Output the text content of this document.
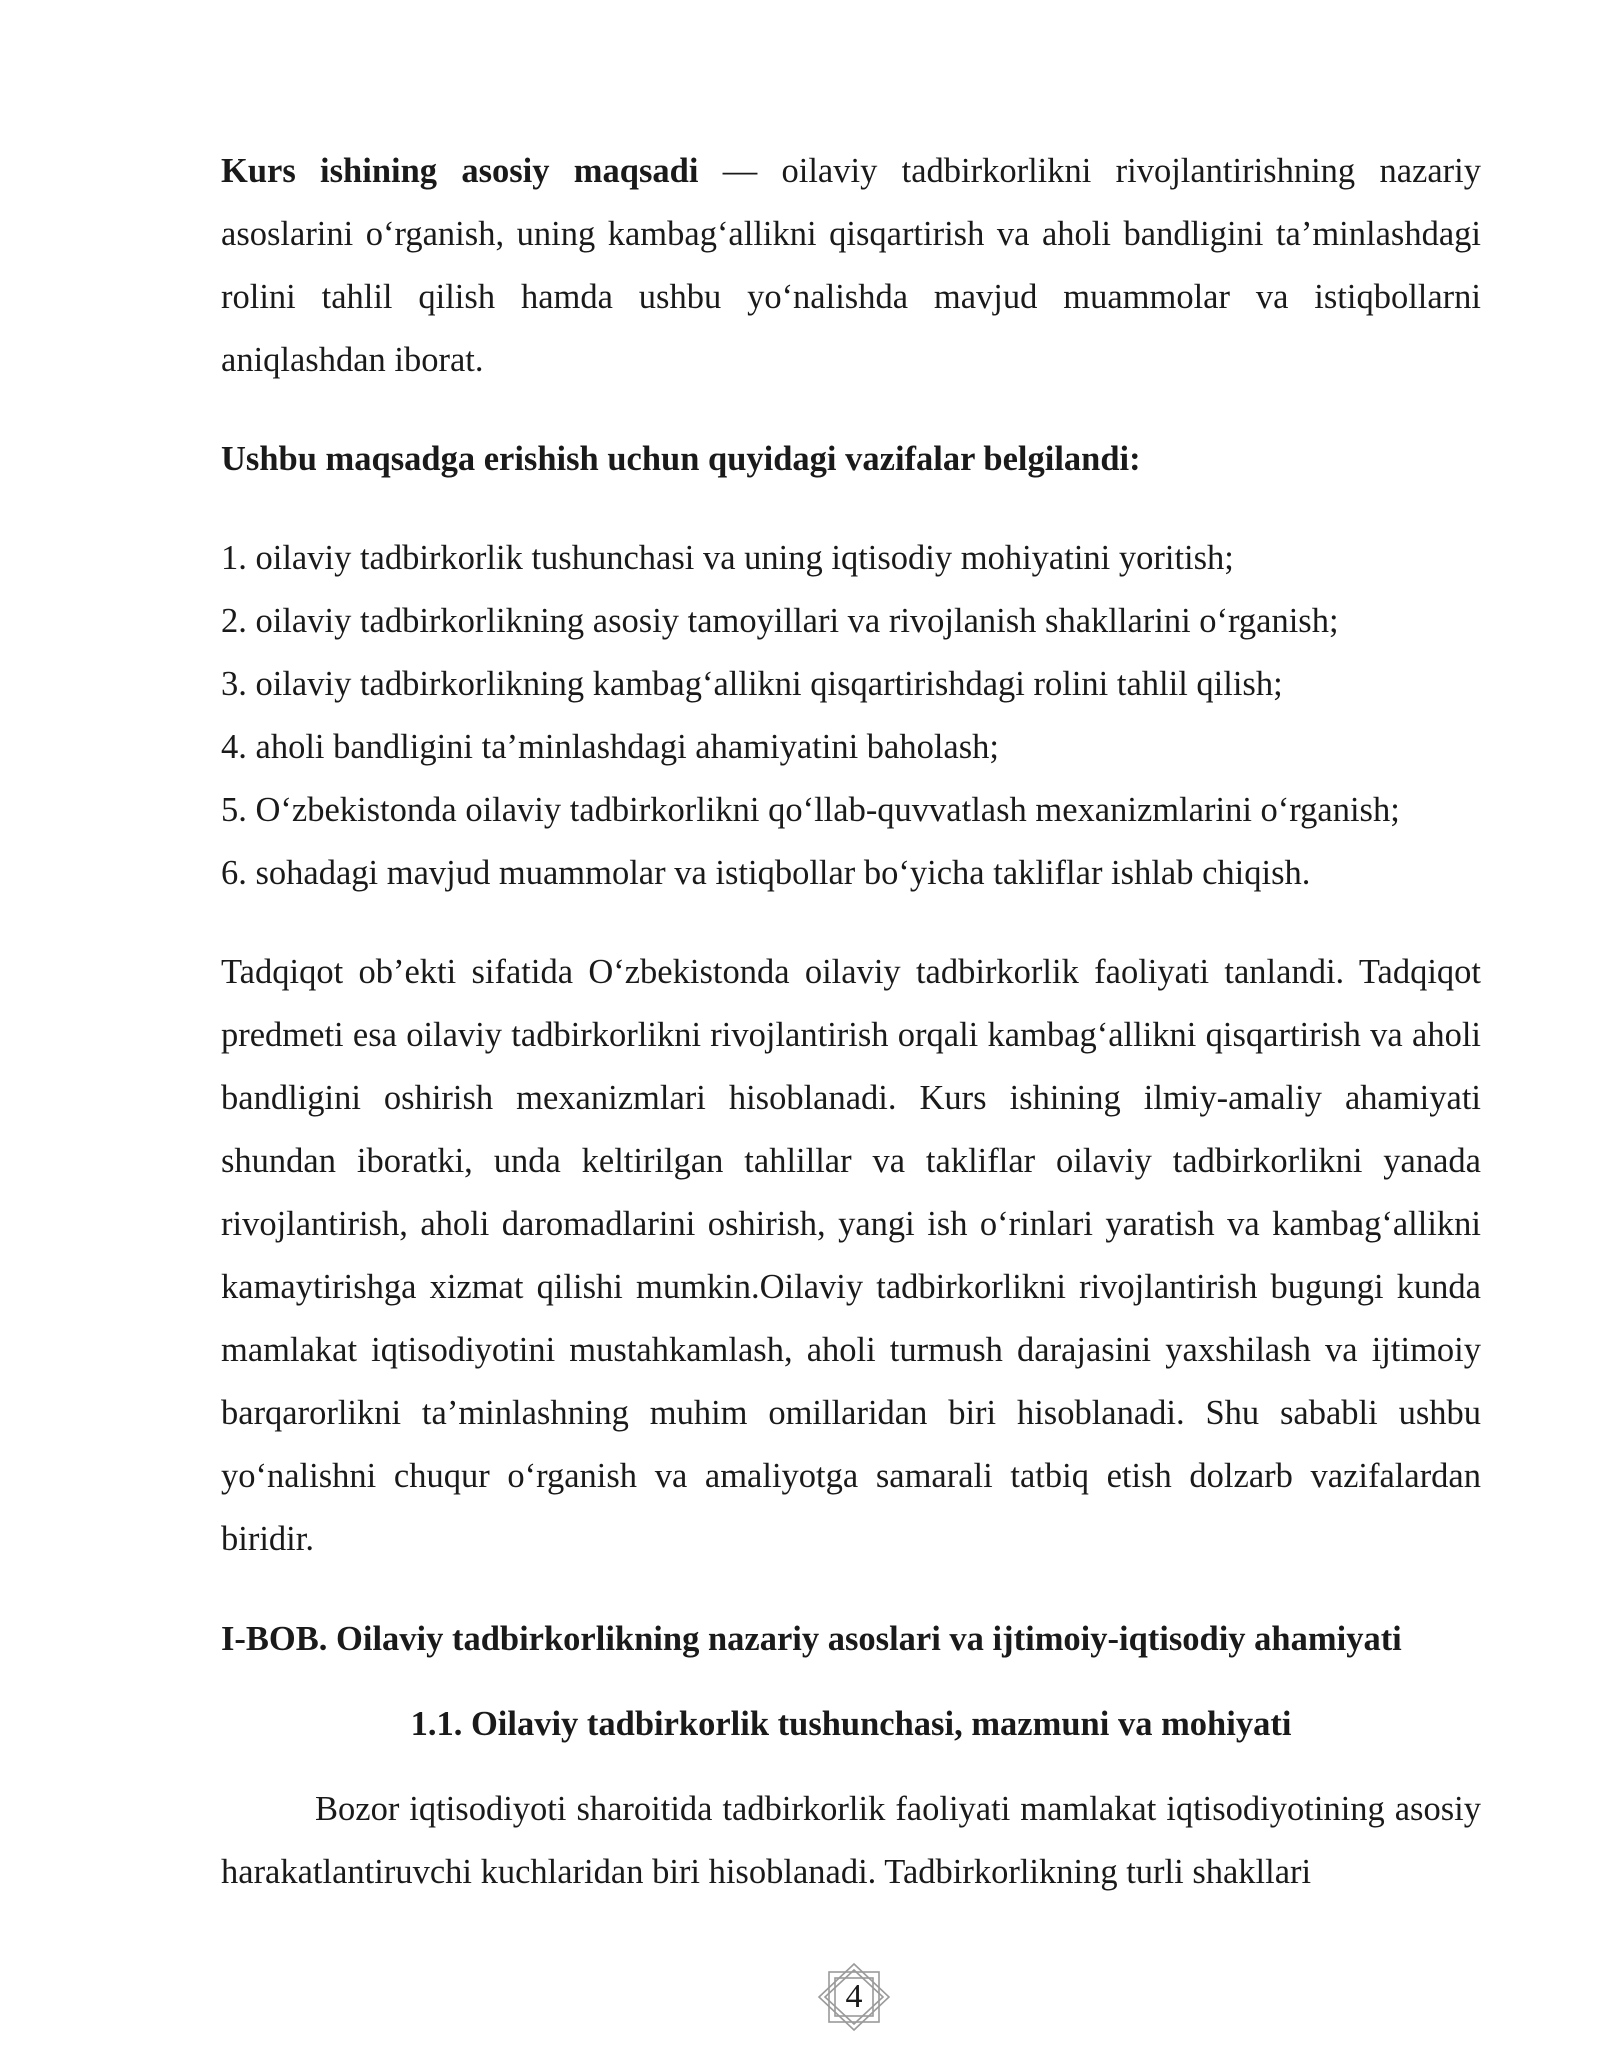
Kurs ishining asosiy maqsadi — oilaviy tadbirkorlikni rivojlantirishning nazariy asoslarini o‘rganish, uning kambag‘allikni qisqartirish va aholi bandligini ta’minlashdagi rolini tahlil qilish hamda ushbu yo‘nalishda mavjud muammolar va istiqbollarni aniqlashdan iborat.

Ushbu maqsadga erishish uchun quyidagi vazifalar belgilandi:

1. oilaviy tadbirkorlik tushunchasi va uning iqtisodiy mohiyatini yoritish;
2. oilaviy tadbirkorlikning asosiy tamoyillari va rivojlanish shakllarini o‘rganish;
3. oilaviy tadbirkorlikning kambag‘allikni qisqartirishdagi rolini tahlil qilish;
4. aholi bandligini ta’minlashdagi ahamiyatini baholash;
5. O‘zbekistonda oilaviy tadbirkorlikni qo‘llab-quvvatlash mexanizmlarini o‘rganish;
6. sohadagi mavjud muammolar va istiqbollar bo‘yicha takliflar ishlab chiqish.

Tadqiqot ob’ekti sifatida O‘zbekistonda oilaviy tadbirkorlik faoliyati tanlandi. Tadqiqot predmeti esa oilaviy tadbirkorlikni rivojlantirish orqali kambag‘allikni qisqartirish va aholi bandligini oshirish mexanizmlari hisoblanadi. Kurs ishining ilmiy-amaliy ahamiyati shundan iboratki, unda keltirilgan tahlillar va takliflar oilaviy tadbirkorlikni yanada rivojlantirish, aholi daromadlarini oshirish, yangi ish o‘rinlari yaratish va kambag‘allikni kamaytirishga xizmat qilishi mumkin.Oilaviy tadbirkorlikni rivojlantirish bugungi kunda mamlakat iqtisodiyotini mustahkamlash, aholi turmush darajasini yaxshilash va ijtimoiy barqarorlikni ta’minlashning muhim omillaridan biri hisoblanadi. Shu sababli ushbu yo‘nalishni chuqur o‘rganish va amaliyotga samarali tatbiq etish dolzarb vazifalardan biridir.

I-BOB. Oilaviy tadbirkorlikning nazariy asoslari va ijtimoiy-iqtisodiy ahamiyati

1.1. Oilaviy tadbirkorlik tushunchasi, mazmuni va mohiyati

Bozor iqtisodiyoti sharoitida tadbirkorlik faoliyati mamlakat iqtisodiyotining asosiy harakatlantiruvchi kuchlaridan biri hisoblanadi. Tadbirkorlikning turli shakllari

4
